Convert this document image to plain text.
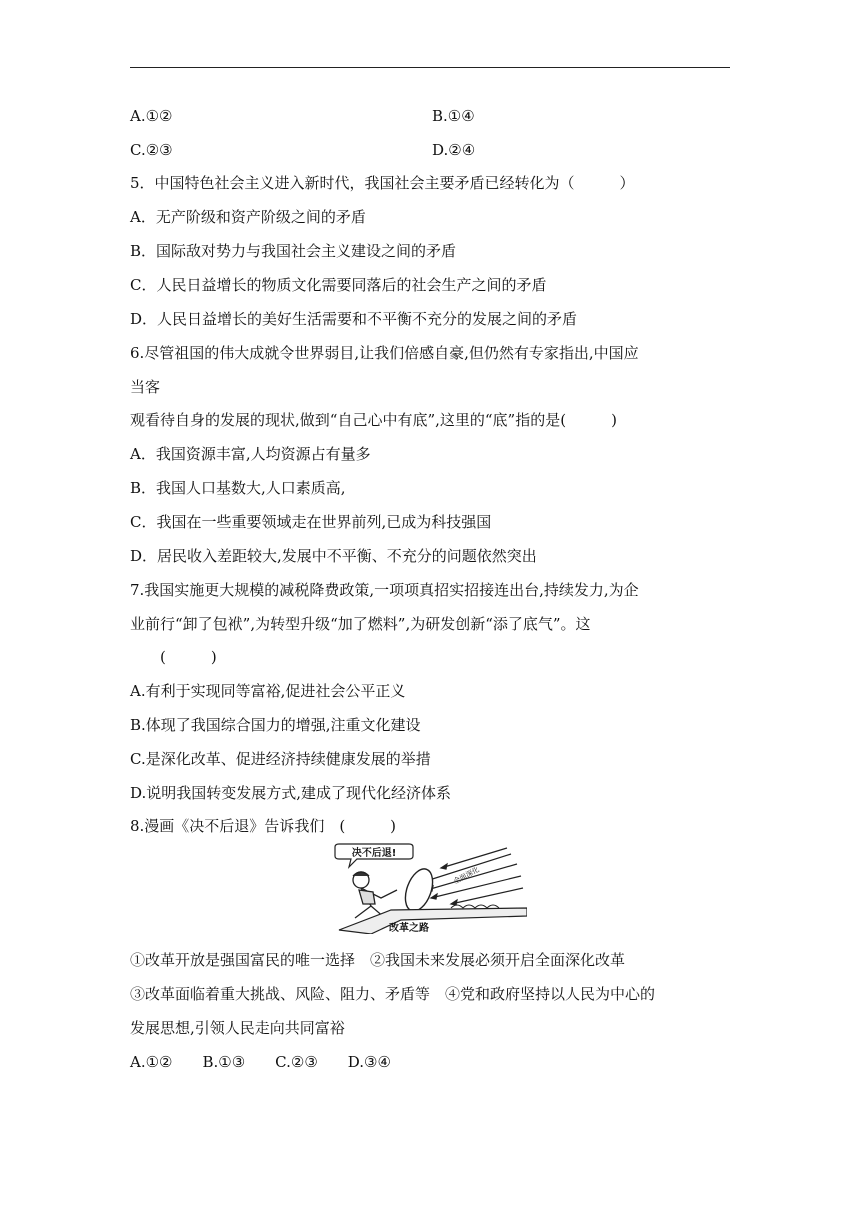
A.①②	B.①④
C.②③	D.②④
5．中国特色社会主义进入新时代，我国社会主要矛盾已经转化为（　　　）
A．无产阶级和资产阶级之间的矛盾
B．国际敌对势力与我国社会主义建设之间的矛盾
C．人民日益增长的物质文化需要同落后的社会生产之间的矛盾
D．人民日益增长的美好生活需要和不平衡不充分的发展之间的矛盾
6.尽管祖国的伟大成就令世界弱目,让我们倍感自豪,但仍然有专家指出,中国应
当客
观看待自身的发展的现状,做到“自己心中有底”,这里的“底”指的是(　　　)
A．我国资源丰富,人均资源占有量多
B．我国人口基数大,人口素质高,
C．我国在一些重要领域走在世界前列,已成为科技强国
D．居民收入差距较大,发展中不平衡、不充分的问题依然突出
7.我国实施更大规模的减税降费政策,一项项真招实招接连出台,持续发力,为企
业前行“卸了包袱”,为转型升级“加了燃料”,为研发创新“添了底气”。这
(　　　)
A.有利于实现同等富裕,促进社会公平正义
B.体现了我国综合国力的增强,注重文化建设
C.是深化改革、促进经济持续健康发展的举措
D.说明我国转变发展方式,建成了现代化经济体系
8.漫画《决不后退》告诉我们　(　　　)
决不后退!
全面深化
改革之路
①改革开放是强国富民的唯一选择　②我国未来发展必须开启全面深化改革
③改革面临着重大挑战、风险、阻力、矛盾等　④党和政府坚持以人民为中心的
发展思想,引领人民走向共同富裕
A.①②　　B.①③　　C.②③　　D.③④
